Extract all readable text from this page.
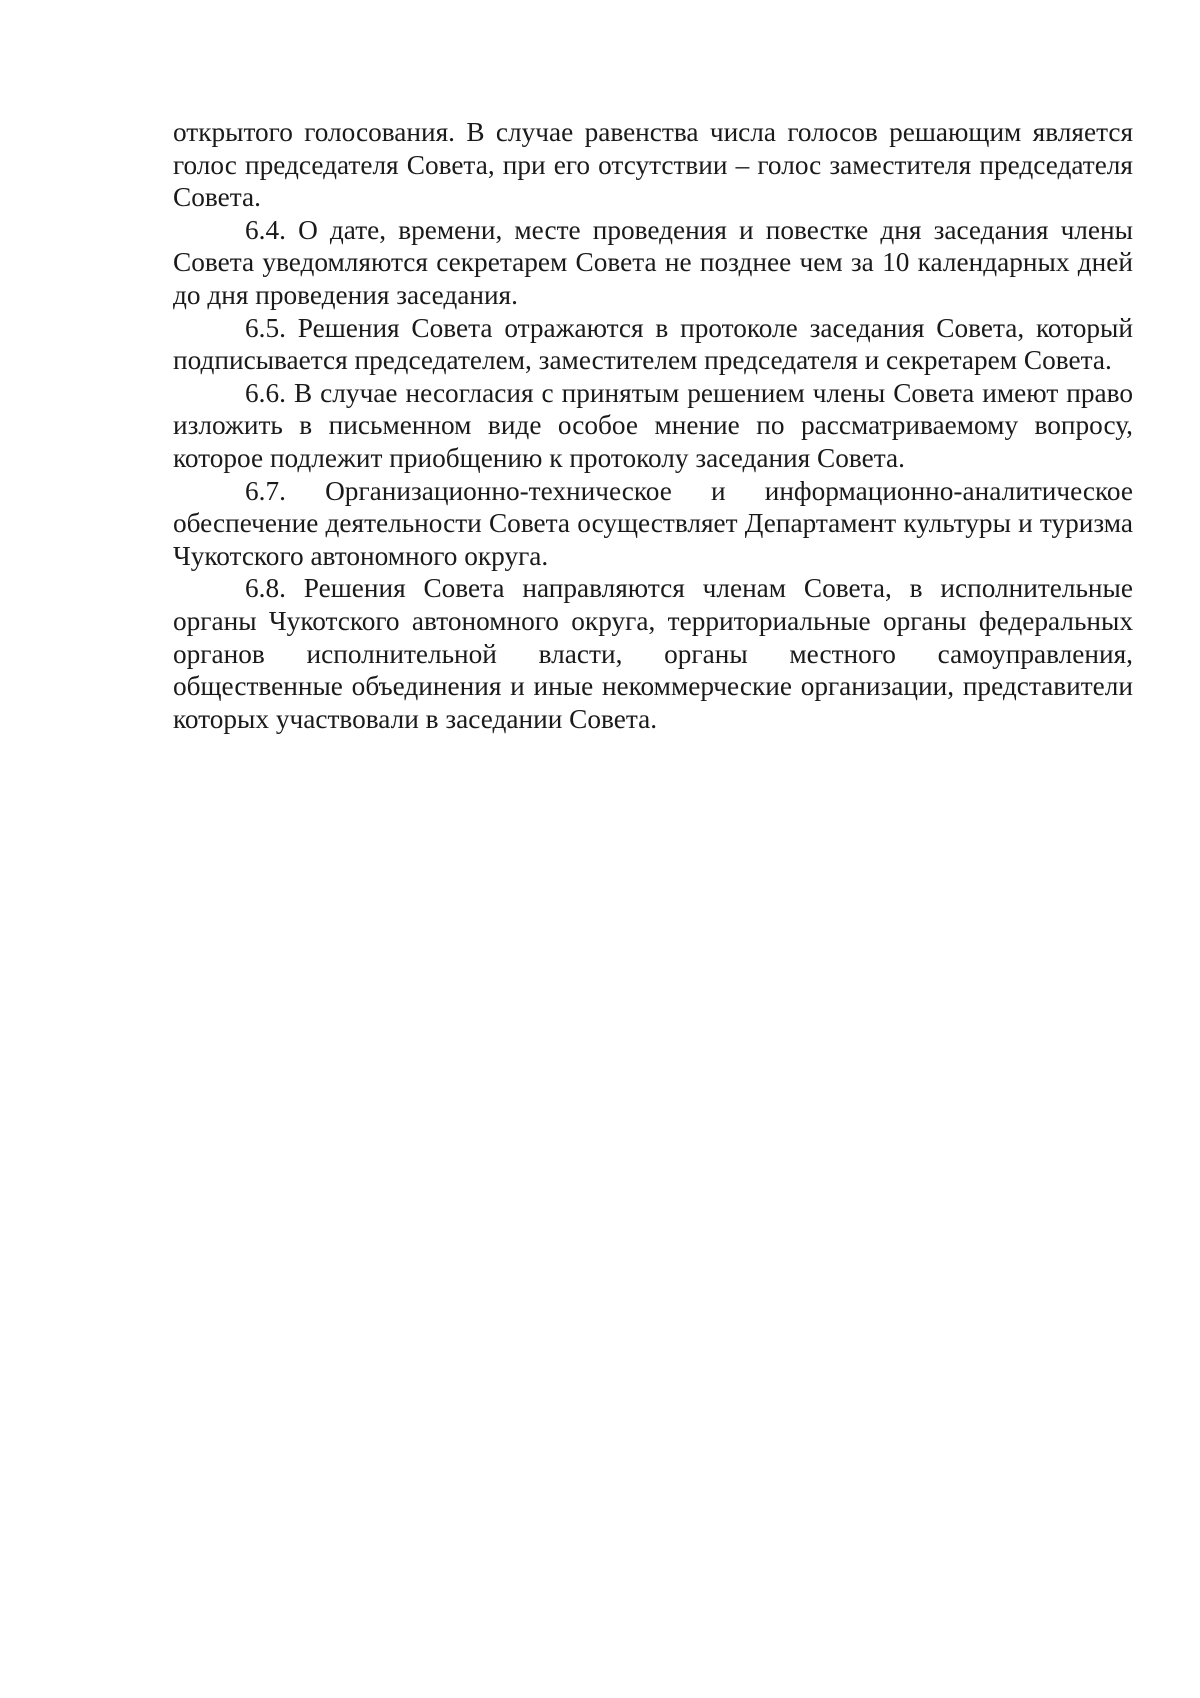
открытого голосования. В случае равенства числа голосов решающим является голос председателя Совета, при его отсутствии – голос заместителя председателя Совета.

6.4. О дате, времени, месте проведения и повестке дня заседания члены Совета уведомляются секретарем Совета не позднее чем за 10 календарных дней до дня проведения заседания.

6.5. Решения Совета отражаются в протоколе заседания Совета, который подписывается председателем, заместителем председателя и секретарем Совета.

6.6. В случае несогласия с принятым решением члены Совета имеют право изложить в письменном виде особое мнение по рассматриваемому вопросу, которое подлежит приобщению к протоколу заседания Совета.

6.7. Организационно-техническое и информационно-аналитическое обеспечение деятельности Совета осуществляет Департамент культуры и туризма Чукотского автономного округа.

6.8. Решения Совета направляются членам Совета, в исполнительные органы Чукотского автономного округа, территориальные органы федеральных органов исполнительной власти, органы местного самоуправления, общественные объединения и иные некоммерческие организации, представители которых участвовали в заседании Совета.
